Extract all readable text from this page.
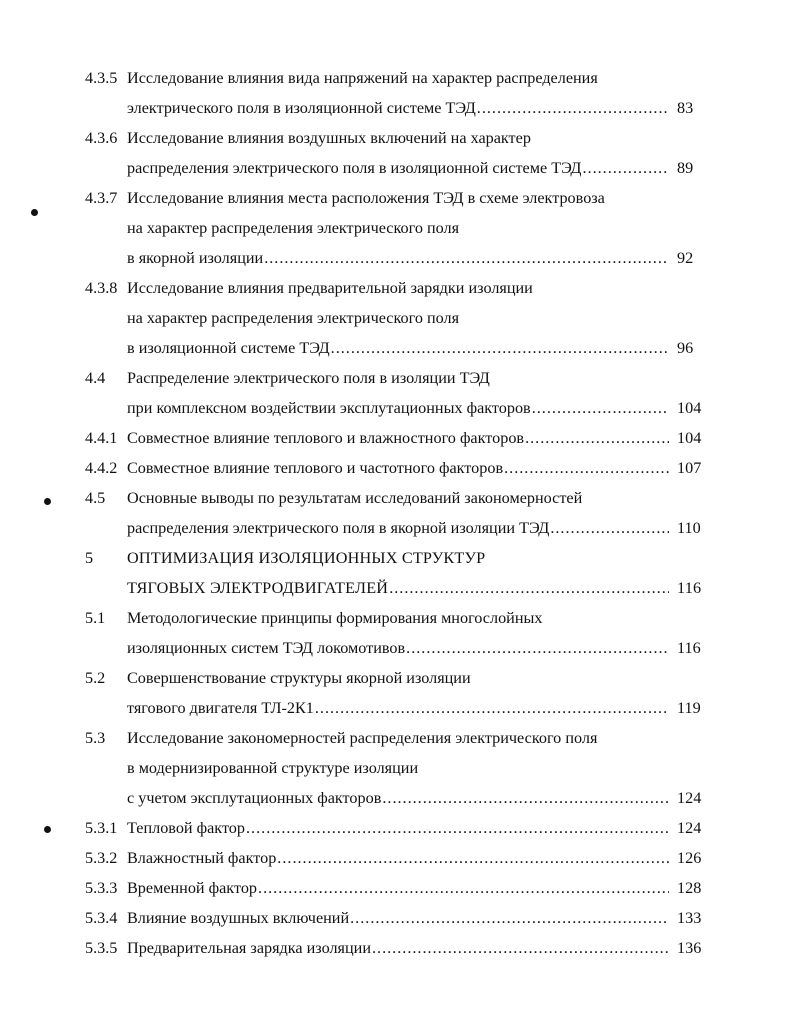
4.3.5 Исследование влияния вида напряжений на характер распределения
электрического поля в изоляционной системе ТЭД .....	83
4.3.6 Исследование влияния воздушных включений на характер
распределения электрического поля в изоляционной системе ТЭД .....	89
4.3.7 Исследование влияния места расположения ТЭД в схеме электровоза
на характер распределения электрического поля
в якорной изоляции .....	92
4.3.8 Исследование влияния предварительной зарядки изоляции
на характер распределения электрического поля
в изоляционной системе ТЭД .....	96
4.4 Распределение электрического поля в изоляции ТЭД
при комплексном воздействии эксплутационных факторов .....	104
4.4.1 Совместное влияние теплового и влажностного факторов .....	104
4.4.2 Совместное влияние теплового и частотного факторов .....	107
4.5 Основные выводы по результатам исследований закономерностей
распределения электрического поля в якорной изоляции ТЭД .....	110
5 ОПТИМИЗАЦИЯ ИЗОЛЯЦИОННЫХ СТРУКТУР
ТЯГОВЫХ ЭЛЕКТРОДВИГАТЕЛЕЙ .....	116
5.1 Методологические принципы формирования многослойных
изоляционных систем ТЭД локомотивов .....	116
5.2 Совершенствование структуры якорной изоляции
тягового двигателя ТЛ-2К1 .....	119
5.3 Исследование закономерностей распределения электрического поля
в модернизированной структуре изоляции
с учетом эксплутационных факторов .....	124
5.3.1 Тепловой фактор .....	124
5.3.2 Влажностный фактор .....	126
5.3.3 Временной фактор .....	128
5.3.4 Влияние воздушных включений .....	133
5.3.5 Предварительная зарядка изоляции .....	136
